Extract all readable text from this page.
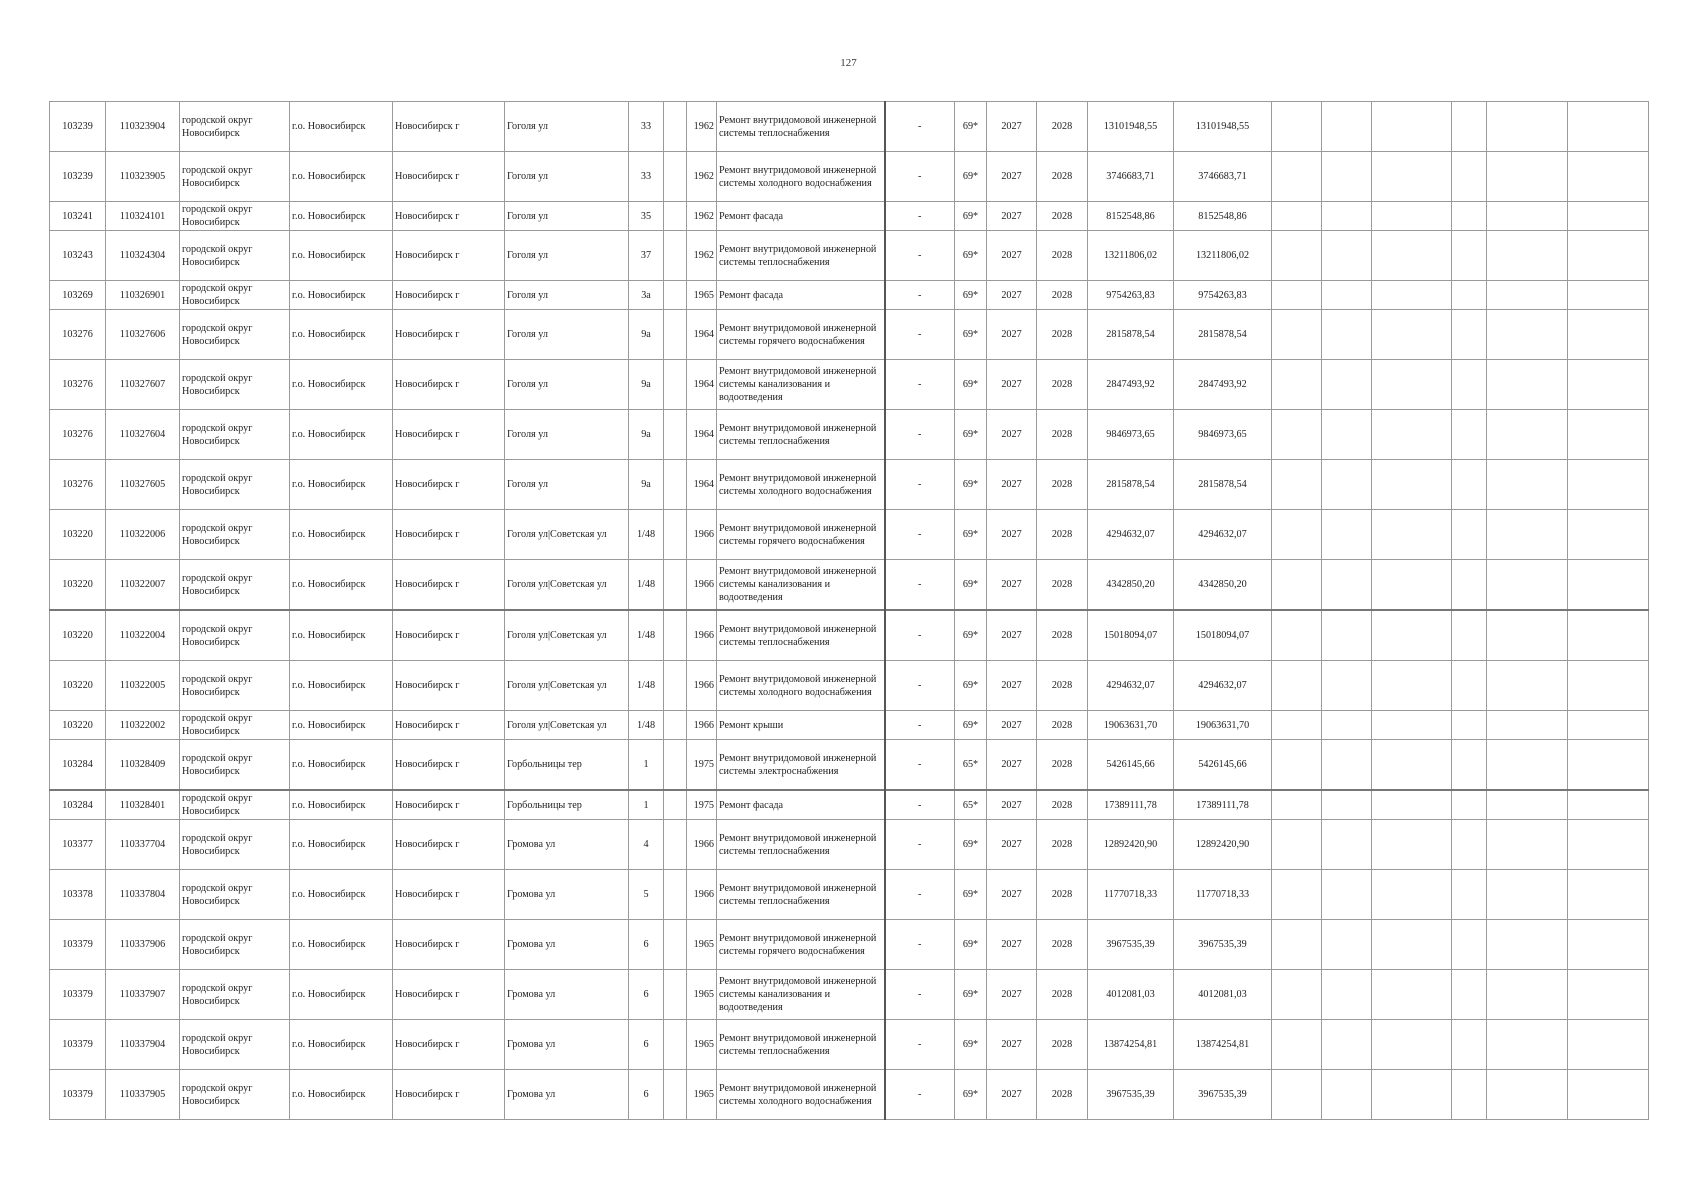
127
103239	110323904	городской округ Новосибирск	г.о. Новосибирск	Новосибирск г	Гоголя ул	33		1962	Ремонт внутридомовой инженерной системы теплоснабжения	-	69*	2027	2028	13101948,55	13101948,55						
103239	110323905	городской округ Новосибирск	г.о. Новосибирск	Новосибирск г	Гоголя ул	33		1962	Ремонт внутридомовой инженерной системы холодного водоснабжения	-	69*	2027	2028	3746683,71	3746683,71						
103241	110324101	городской округ Новосибирск	г.о. Новосибирск	Новосибирск г	Гоголя ул	35		1962	Ремонт фасада	-	69*	2027	2028	8152548,86	8152548,86						
103243	110324304	городской округ Новосибирск	г.о. Новосибирск	Новосибирск г	Гоголя ул	37		1962	Ремонт внутридомовой инженерной системы теплоснабжения	-	69*	2027	2028	13211806,02	13211806,02						
103269	110326901	городской округ Новосибирск	г.о. Новосибирск	Новосибирск г	Гоголя ул	3а		1965	Ремонт фасада	-	69*	2027	2028	9754263,83	9754263,83						
103276	110327606	городской округ Новосибирск	г.о. Новосибирск	Новосибирск г	Гоголя ул	9а		1964	Ремонт внутридомовой инженерной системы горячего водоснабжения	-	69*	2027	2028	2815878,54	2815878,54						
103276	110327607	городской округ Новосибирск	г.о. Новосибирск	Новосибирск г	Гоголя ул	9а		1964	Ремонт внутридомовой инженерной системы канализования и водоотведения	-	69*	2027	2028	2847493,92	2847493,92						
103276	110327604	городской округ Новосибирск	г.о. Новосибирск	Новосибирск г	Гоголя ул	9а		1964	Ремонт внутридомовой инженерной системы теплоснабжения	-	69*	2027	2028	9846973,65	9846973,65						
103276	110327605	городской округ Новосибирск	г.о. Новосибирск	Новосибирск г	Гоголя ул	9а		1964	Ремонт внутридомовой инженерной системы холодного водоснабжения	-	69*	2027	2028	2815878,54	2815878,54						
103220	110322006	городской округ Новосибирск	г.о. Новосибирск	Новосибирск г	Гоголя ул|Советская ул	1/48		1966	Ремонт внутридомовой инженерной системы горячего водоснабжения	-	69*	2027	2028	4294632,07	4294632,07						
103220	110322007	городской округ Новосибирск	г.о. Новосибирск	Новосибирск г	Гоголя ул|Советская ул	1/48		1966	Ремонт внутридомовой инженерной системы канализования и водоотведения	-	69*	2027	2028	4342850,20	4342850,20						
103220	110322004	городской округ Новосибирск	г.о. Новосибирск	Новосибирск г	Гоголя ул|Советская ул	1/48		1966	Ремонт внутридомовой инженерной системы теплоснабжения	-	69*	2027	2028	15018094,07	15018094,07						
103220	110322005	городской округ Новосибирск	г.о. Новосибирск	Новосибирск г	Гоголя ул|Советская ул	1/48		1966	Ремонт внутридомовой инженерной системы холодного водоснабжения	-	69*	2027	2028	4294632,07	4294632,07						
103220	110322002	городской округ Новосибирск	г.о. Новосибирск	Новосибирск г	Гоголя ул|Советская ул	1/48		1966	Ремонт крыши	-	69*	2027	2028	19063631,70	19063631,70						
103284	110328409	городской округ Новосибирск	г.о. Новосибирск	Новосибирск г	Горбольницы тер	1		1975	Ремонт внутридомовой инженерной системы электроснабжения	-	65*	2027	2028	5426145,66	5426145,66						
103284	110328401	городской округ Новосибирск	г.о. Новосибирск	Новосибирск г	Горбольницы тер	1		1975	Ремонт фасада	-	65*	2027	2028	17389111,78	17389111,78						
103377	110337704	городской округ Новосибирск	г.о. Новосибирск	Новосибирск г	Громова ул	4		1966	Ремонт внутридомовой инженерной системы теплоснабжения	-	69*	2027	2028	12892420,90	12892420,90						
103378	110337804	городской округ Новосибирск	г.о. Новосибирск	Новосибирск г	Громова ул	5		1966	Ремонт внутридомовой инженерной системы теплоснабжения	-	69*	2027	2028	11770718,33	11770718,33						
103379	110337906	городской округ Новосибирск	г.о. Новосибирск	Новосибирск г	Громова ул	6		1965	Ремонт внутридомовой инженерной системы горячего водоснабжения	-	69*	2027	2028	3967535,39	3967535,39						
103379	110337907	городской округ Новосибирск	г.о. Новосибирск	Новосибирск г	Громова ул	6		1965	Ремонт внутридомовой инженерной системы канализования и водоотведения	-	69*	2027	2028	4012081,03	4012081,03						
103379	110337904	городской округ Новосибирск	г.о. Новосибирск	Новосибирск г	Громова ул	6		1965	Ремонт внутридомовой инженерной системы теплоснабжения	-	69*	2027	2028	13874254,81	13874254,81						
103379	110337905	городской округ Новосибирск	г.о. Новосибирск	Новосибирск г	Громова ул	6		1965	Ремонт внутридомовой инженерной системы холодного водоснабжения	-	69*	2027	2028	3967535,39	3967535,39						
